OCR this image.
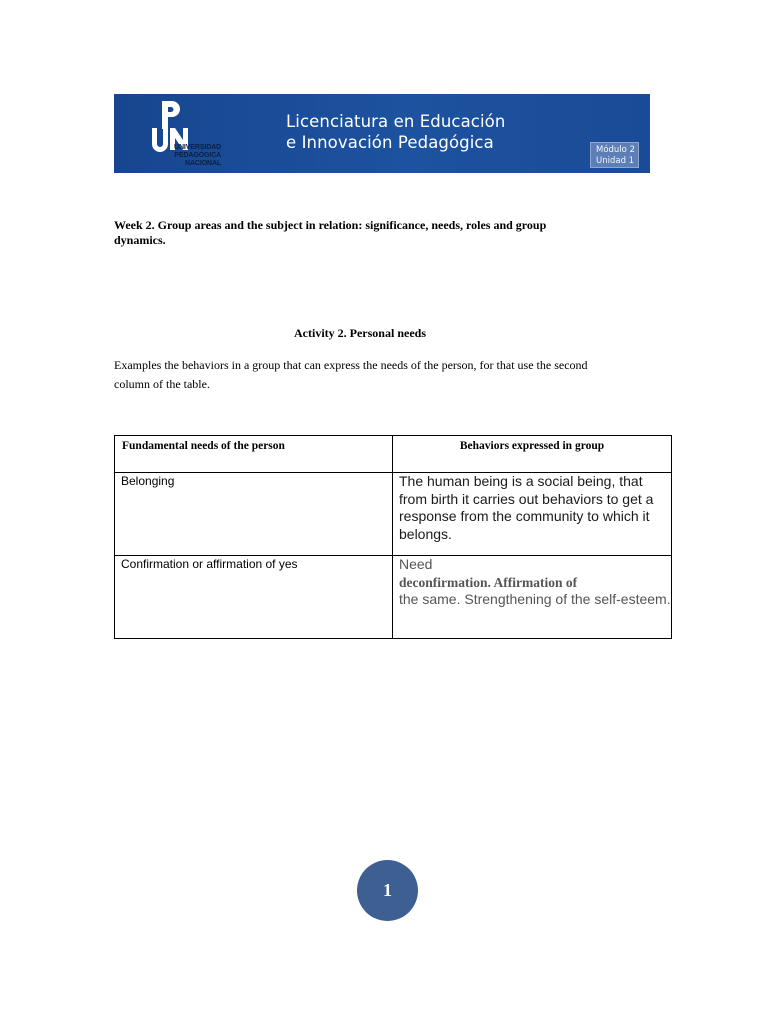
UNIVERSIDAD
PEDAGÓGICA
NACIONAL
Licenciatura en Educación
e Innovación Pedagógica	Módulo 2
Unidad 1
Week 2. Group areas and the subject in relation: significance, needs, roles and group dynamics.
Activity 2. Personal needs
Examples the behaviors in a group that can express the needs of the person, for that use the second column of the table.
Fundamental needs of the person	Behaviors expressed in group
Belonging	The human being is a social being, that from birth it carries out behaviors to get a response from the community to which it belongs.
Confirmation or affirmation of yes	Need
deconfirmation. Affirmation of
the same. Strengthening of the self-esteem.
1
